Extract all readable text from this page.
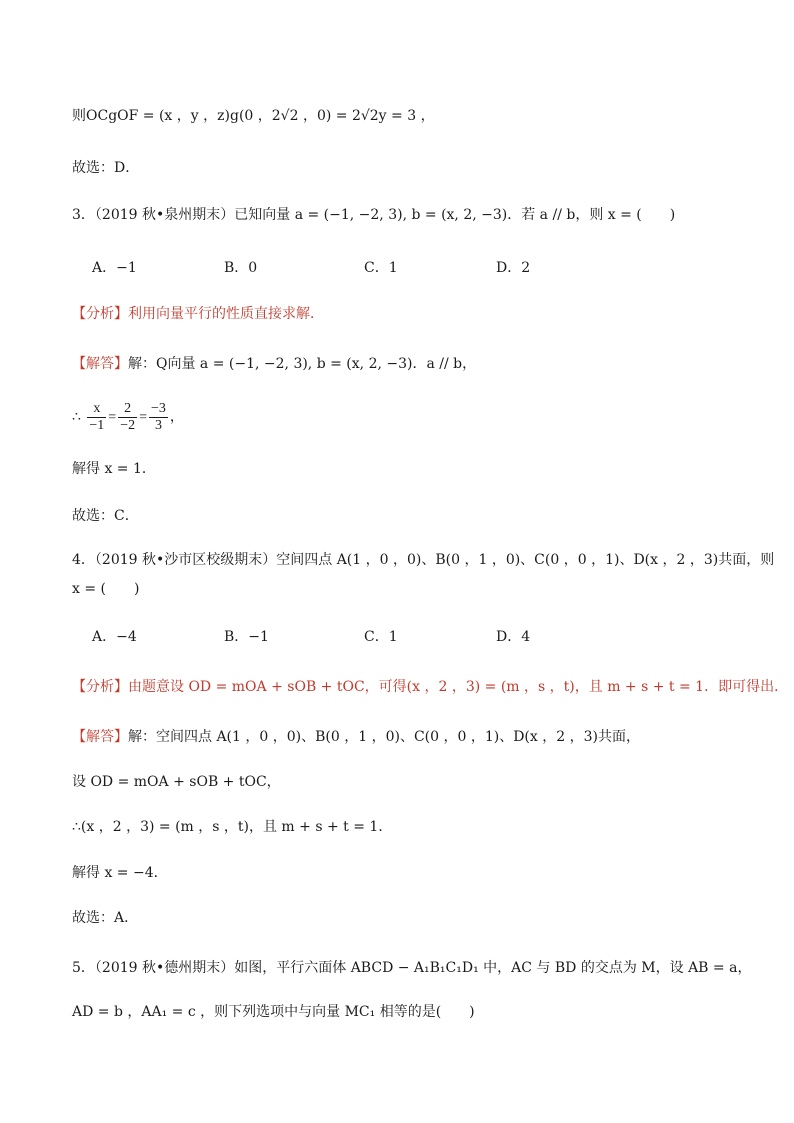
则OCgOF = (x ，y ，z)g(0 ，2√2 ，0) = 2√2y = 3 ，
故选：D．
3．（2019 秋•泉州期末）已知向量 a = (−1, −2, 3), b = (x, 2, −3)．若 a // b，则 x = (　　)
A．−1	B．0	C．1	D．2
【分析】利用向量平行的性质直接求解．
【解答】解：Q向量 a = (−1, −2, 3), b = (x, 2, −3)．a // b，
∴ $\frac{x}{-1} = \frac{2}{-2} = \frac{-3}{3}$ ，
解得 x = 1．
故选：C．
4．（2019 秋•沙市区校级期末）空间四点 A(1 ，0 ，0)、B(0 ，1 ，0)、C(0 ，0 ，1)、D(x ，2 ，3)共面，则
x = (　　)
A．−4	B．−1	C．1	D．4
【分析】由题意设 OD = mOA + sOB + tOC，可得(x ，2 ，3) = (m ，s ，t)，且 m + s + t = 1．即可得出．
【解答】解：空间四点 A(1 ，0 ，0)、B(0 ，1 ，0)、C(0 ，0 ，1)、D(x ，2 ，3)共面，
设 OD = mOA + sOB + tOC，
∴(x ，2 ，3) = (m ，s ，t)，且 m + s + t = 1．
解得 x = −4．
故选：A．
5．（2019 秋•德州期末）如图，平行六面体 ABCD − A₁B₁C₁D₁ 中，AC 与 BD 的交点为 M，设 AB = a，
AD = b ，AA₁ = c ，则下列选项中与向量 MC₁ 相等的是(　　)
